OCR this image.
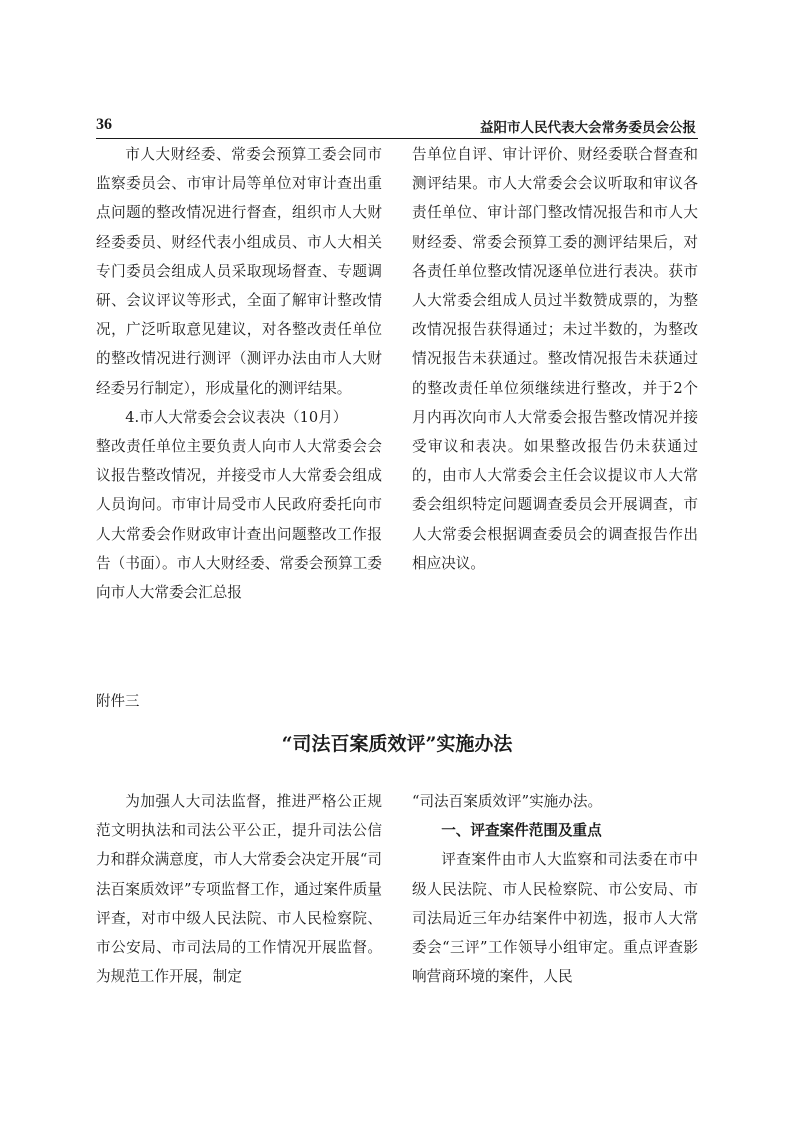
36	益阳市人民代表大会常务委员会公报

市人大财经委、常委会预算工委会同市监察委员会、市审计局等单位对审计查出重点问题的整改情况进行督查，组织市人大财经委委员、财经代表小组成员、市人大相关专门委员会组成人员采取现场督查、专题调研、会议评议等形式，全面了解审计整改情况，广泛听取意见建议，对各整改责任单位的整改情况进行测评（测评办法由市人大财经委另行制定），形成量化的测评结果。

4.市人大常委会会议表决（10月）

整改责任单位主要负责人向市人大常委会会议报告整改情况，并接受市人大常委会组成人员询问。市审计局受市人民政府委托向市人大常委会作财政审计查出问题整改工作报告（书面）。市人大财经委、常委会预算工委向市人大常委会汇总报

告单位自评、审计评价、财经委联合督查和测评结果。市人大常委会会议听取和审议各责任单位、审计部门整改情况报告和市人大财经委、常委会预算工委的测评结果后，对各责任单位整改情况逐单位进行表决。获市人大常委会组成人员过半数赞成票的，为整改情况报告获得通过；未过半数的，为整改情况报告未获通过。整改情况报告未获通过的整改责任单位须继续进行整改，并于2个月内再次向市人大常委会报告整改情况并接受审议和表决。如果整改报告仍未获通过的，由市人大常委会主任会议提议市人大常委会组织特定问题调查委员会开展调查，市人大常委会根据调查委员会的调查报告作出相应决议。

附件三
“司法百案质效评”实施办法

为加强人大司法监督，推进严格公正规范文明执法和司法公平公正，提升司法公信力和群众满意度，市人大常委会决定开展“司法百案质效评”专项监督工作，通过案件质量评查，对市中级人民法院、市人民检察院、市公安局、市司法局的工作情况开展监督。为规范工作开展，制定

“司法百案质效评”实施办法。

一、评查案件范围及重点

评查案件由市人大监察和司法委在市中级人民法院、市人民检察院、市公安局、市司法局近三年办结案件中初选，报市人大常委会“三评”工作领导小组审定。重点评查影响营商环境的案件，人民
